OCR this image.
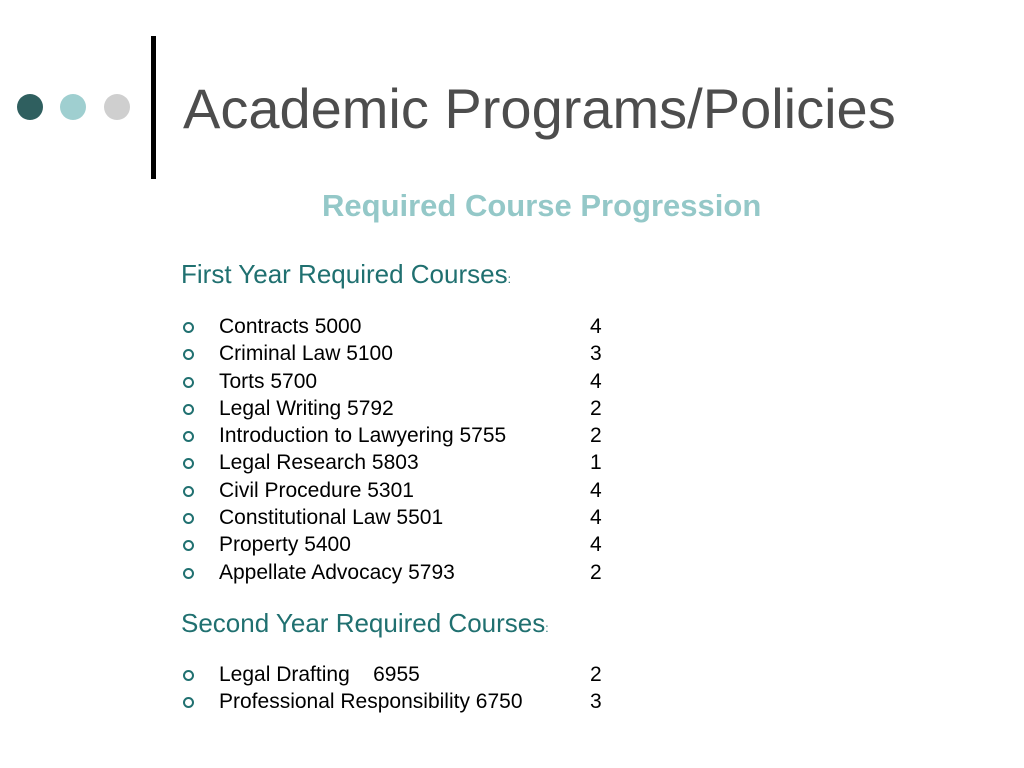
Academic Programs/Policies
Required Course Progression
First Year Required Courses:
Contracts 5000	4
Criminal Law 5100	3
Torts 5700	4
Legal Writing 5792	2
Introduction to Lawyering 5755	2
Legal Research 5803	1
Civil Procedure 5301	4
Constitutional Law 5501	4
Property 5400	4
Appellate Advocacy 5793	2
Second Year Required Courses:
Legal Drafting    6955	2
Professional Responsibility 6750	3
